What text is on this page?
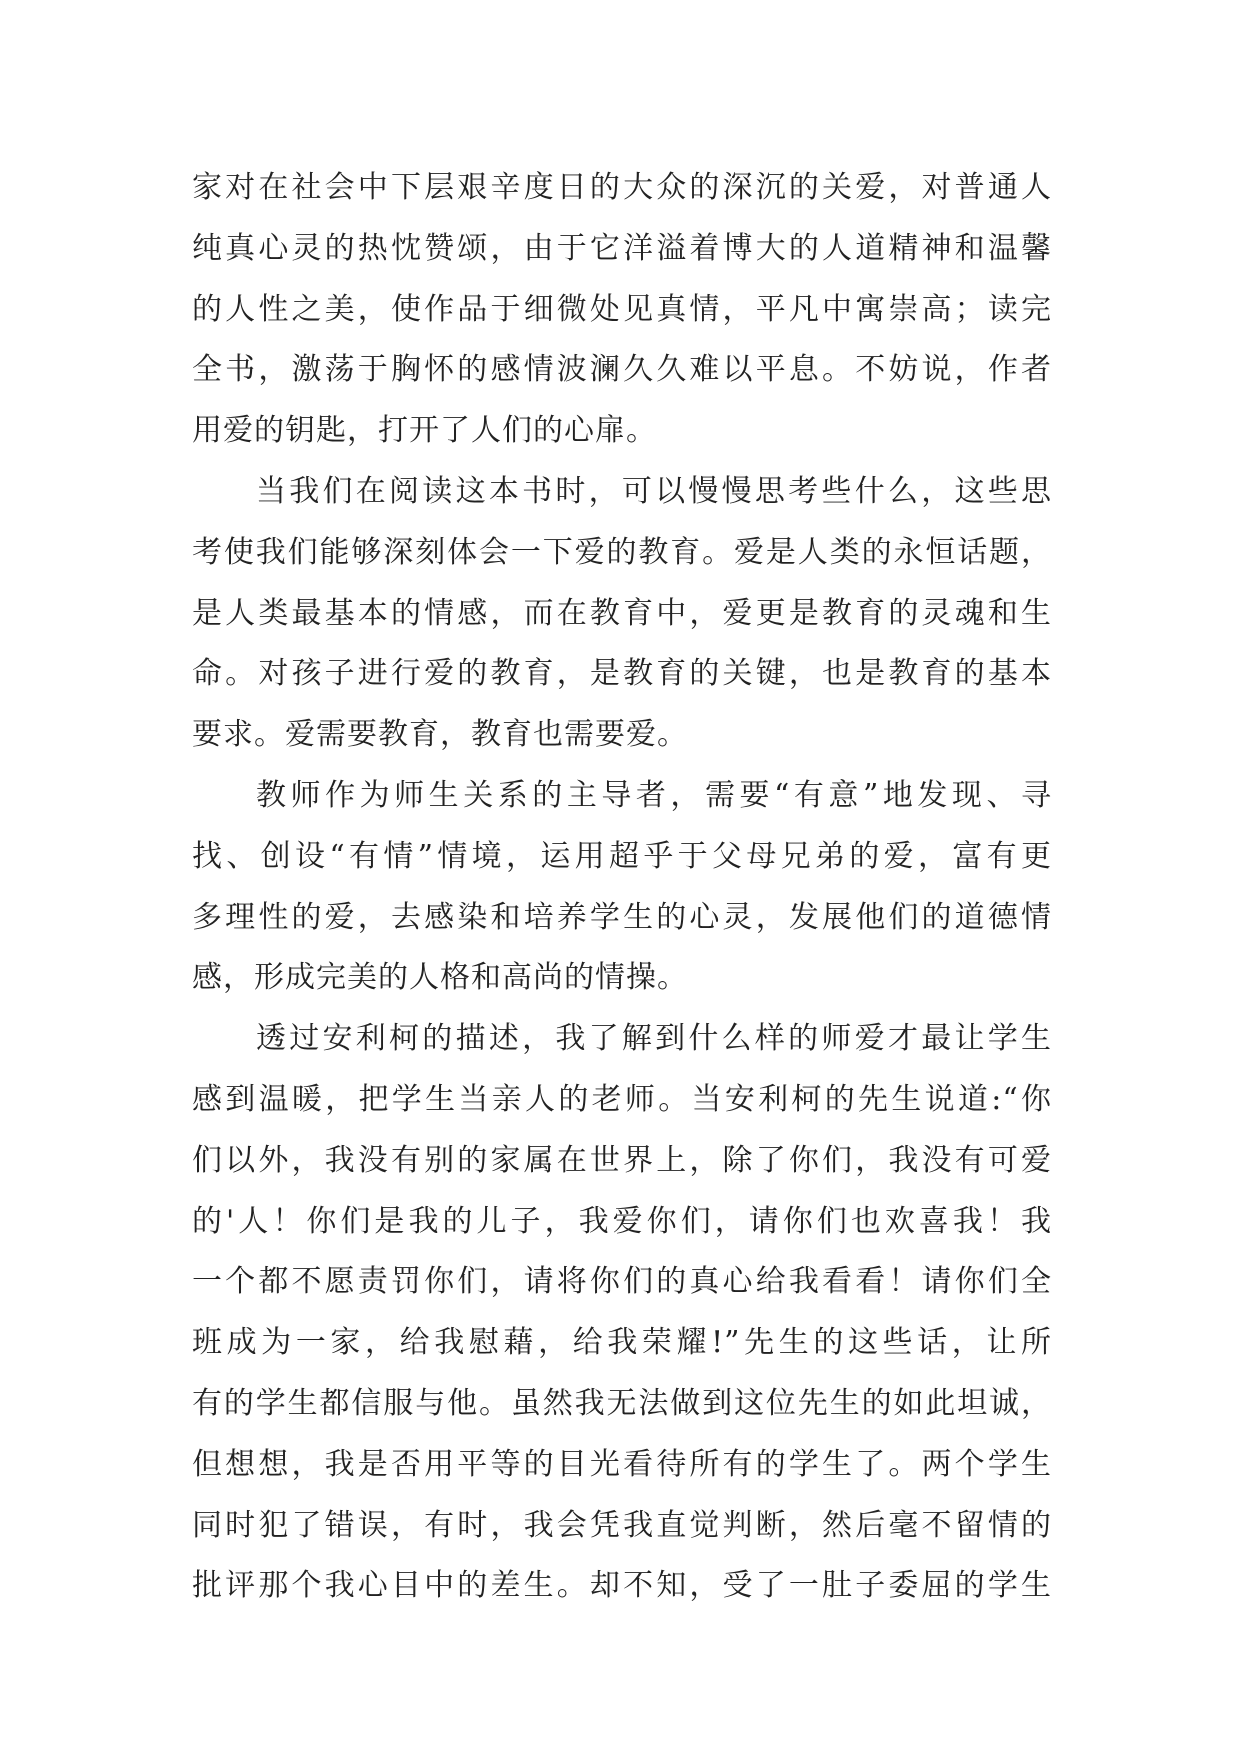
家对在社会中下层艰辛度日的大众的深沉的关爱，对普通人
纯真心灵的热忱赞颂，由于它洋溢着博大的人道精神和温馨
的人性之美，使作品于细微处见真情，平凡中寓崇高；读完
全书，激荡于胸怀的感情波澜久久难以平息。不妨说，作者
用爱的钥匙，打开了人们的心扉。
当我们在阅读这本书时，可以慢慢思考些什么，这些思
考使我们能够深刻体会一下爱的教育。爱是人类的永恒话题，
是人类最基本的情感，而在教育中，爱更是教育的灵魂和生
命。对孩子进行爱的教育，是教育的关键，也是教育的基本
要求。爱需要教育，教育也需要爱。
教师作为师生关系的主导者，需要“有意”地发现、寻
找、创设“有情”情境，运用超乎于父母兄弟的爱，富有更
多理性的爱，去感染和培养学生的心灵，发展他们的道德情
感，形成完美的人格和高尚的情操。
透过安利柯的描述，我了解到什么样的师爱才最让学生
感到温暖，把学生当亲人的老师。当安利柯的先生说道:“你
们以外，我没有别的家属在世界上，除了你们，我没有可爱
的'人！你们是我的儿子，我爱你们，请你们也欢喜我！我
一个都不愿责罚你们，请将你们的真心给我看看！请你们全
班成为一家，给我慰藉，给我荣耀!”先生的这些话，让所
有的学生都信服与他。虽然我无法做到这位先生的如此坦诚，
但想想，我是否用平等的目光看待所有的学生了。两个学生
同时犯了错误，有时，我会凭我直觉判断，然后毫不留情的
批评那个我心目中的差生。却不知，受了一肚子委屈的学生
